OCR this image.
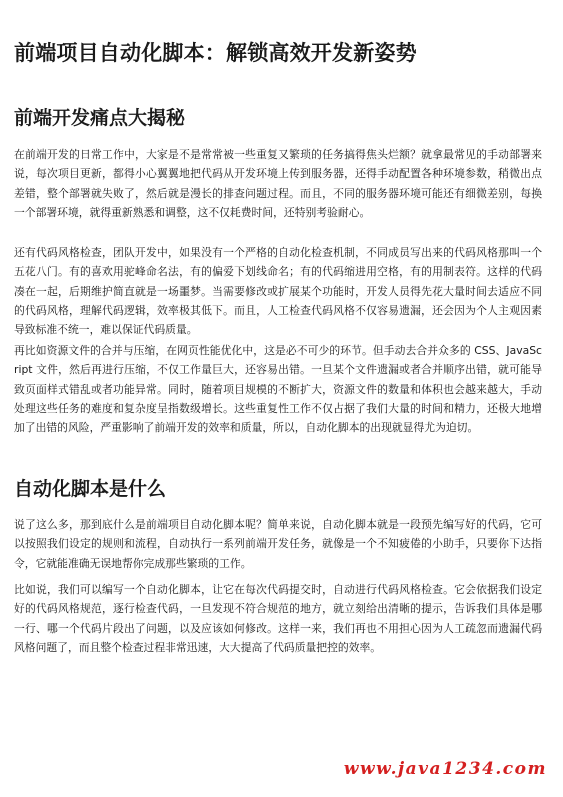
前端项目自动化脚本：解锁高效开发新姿势
前端开发痛点大揭秘

在前端开发的日常工作中，大家是不是常常被一些重复又繁琐的任务搞得焦头烂额？就拿最常见的手动部署来说，每次项目更新，都得小心翼翼地把代码从开发环境上传到服务器，还得手动配置各种环境参数，稍微出点差错，整个部署就失败了，然后就是漫长的排查问题过程。而且，不同的服务器环境可能还有细微差别，每换一个部署环境，就得重新熟悉和调整，这不仅耗费时间，还特别考验耐心。

还有代码风格检查，团队开发中，如果没有一个严格的自动化检查机制，不同成员写出来的代码风格那叫一个五花八门。有的喜欢用驼峰命名法，有的偏爱下划线命名；有的代码缩进用空格，有的用制表符。这样的代码凑在一起，后期维护简直就是一场噩梦。当需要修改或扩展某个功能时，开发人员得先花大量时间去适应不同的代码风格，理解代码逻辑，效率极其低下。而且，人工检查代码风格不仅容易遗漏，还会因为个人主观因素导致标准不统一，难以保证代码质量。

再比如资源文件的合并与压缩，在网页性能优化中，这是必不可少的环节。但手动去合并众多的 CSS、JavaScript 文件，然后再进行压缩，不仅工作量巨大，还容易出错。一旦某个文件遗漏或者合并顺序出错，就可能导致页面样式错乱或者功能异常。同时，随着项目规模的不断扩大，资源文件的数量和体积也会越来越大，手动处理这些任务的难度和复杂度呈指数级增长。这些重复性工作不仅占据了我们大量的时间和精力，还极大地增加了出错的风险，严重影响了前端开发的效率和质量，所以，自动化脚本的出现就显得尤为迫切。

自动化脚本是什么

说了这么多，那到底什么是前端项目自动化脚本呢？简单来说，自动化脚本就是一段预先编写好的代码，它可以按照我们设定的规则和流程，自动执行一系列前端开发任务，就像是一个不知疲倦的小助手，只要你下达指令，它就能准确无误地帮你完成那些繁琐的工作。

比如说，我们可以编写一个自动化脚本，让它在每次代码提交时，自动进行代码风格检查。它会依据我们设定好的代码风格规范，逐行检查代码，一旦发现不符合规范的地方，就立刻给出清晰的提示，告诉我们具体是哪一行、哪一个代码片段出了问题，以及应该如何修改。这样一来，我们再也不用担心因为人工疏忽而遗漏代码风格问题了，而且整个检查过程非常迅速，大大提高了代码质量把控的效率。

www.java1234.com
